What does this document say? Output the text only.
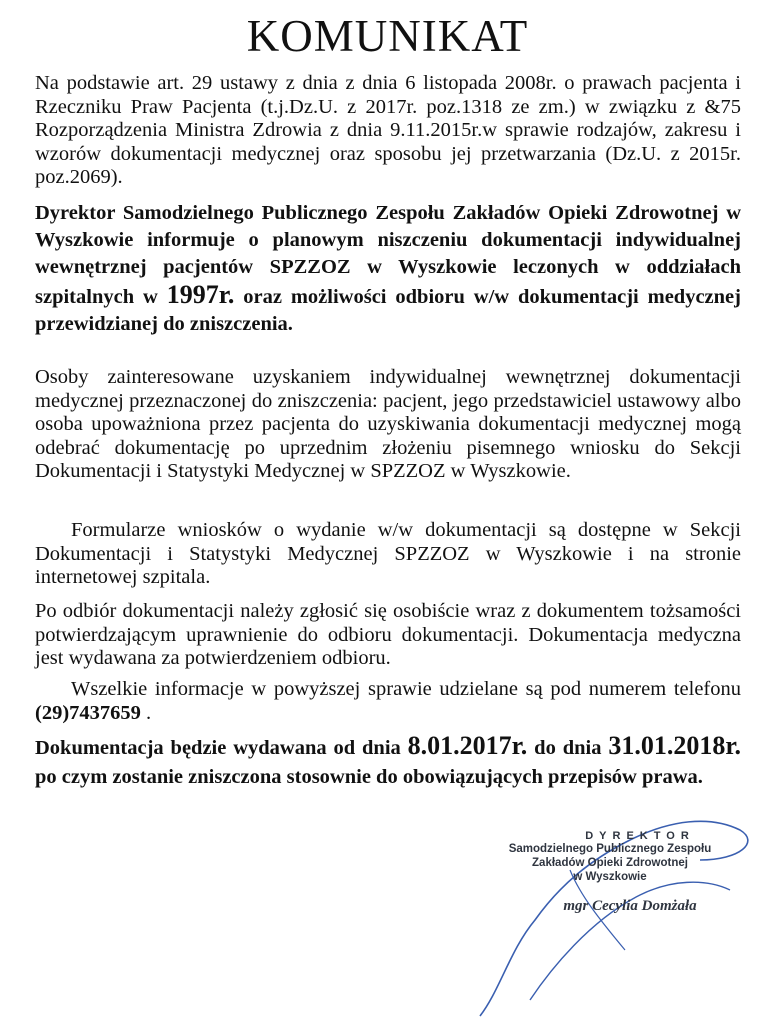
KOMUNIKAT

Na podstawie art. 29 ustawy z dnia z dnia 6 listopada 2008r. o prawach pacjenta i Rzeczniku Praw Pacjenta (t.j.Dz.U. z 2017r. poz.1318 ze zm.) w związku z &75 Rozporządzenia Ministra Zdrowia z dnia 9.11.2015r.w sprawie rodzajów, zakresu i wzorów dokumentacji medycznej oraz sposobu jej przetwarzania (Dz.U. z 2015r. poz.2069).

Dyrektor Samodzielnego Publicznego Zespołu Zakładów Opieki Zdrowotnej w Wyszkowie informuje o planowym niszczeniu dokumentacji indywidualnej wewnętrznej pacjentów SPZZOZ w Wyszkowie leczonych w oddziałach szpitalnych w 1997r. oraz możliwości odbioru w/w dokumentacji medycznej przewidzianej do zniszczenia.

Osoby zainteresowane uzyskaniem indywidualnej wewnętrznej dokumentacji medycznej przeznaczonej do zniszczenia: pacjent, jego przedstawiciel ustawowy albo osoba upoważniona przez pacjenta do uzyskiwania dokumentacji medycznej mogą odebrać dokumentację po uprzednim złożeniu pisemnego wniosku do Sekcji Dokumentacji i Statystyki Medycznej w SPZZOZ w Wyszkowie.

Formularze wniosków o wydanie w/w dokumentacji są dostępne w Sekcji Dokumentacji i Statystyki Medycznej SPZZOZ w Wyszkowie i na stronie internetowej szpitala.

Po odbiór dokumentacji należy zgłosić się osobiście wraz z dokumentem tożsamości potwierdzającym uprawnienie do odbioru dokumentacji. Dokumentacja medyczna jest wydawana za potwierdzeniem odbioru.

Wszelkie informacje w powyższej sprawie udzielane są pod numerem telefonu (29)7437659 .

Dokumentacja będzie wydawana od dnia 8.01.2017r. do dnia 31.01.2018r. po czym zostanie zniszczona stosownie do obowiązujących przepisów prawa.

DYREKTOR
Samodzielnego Publicznego Zespołu
Zakładów Opieki Zdrowotnej
w Wyszkowie
mgr Cecylia Domżała
